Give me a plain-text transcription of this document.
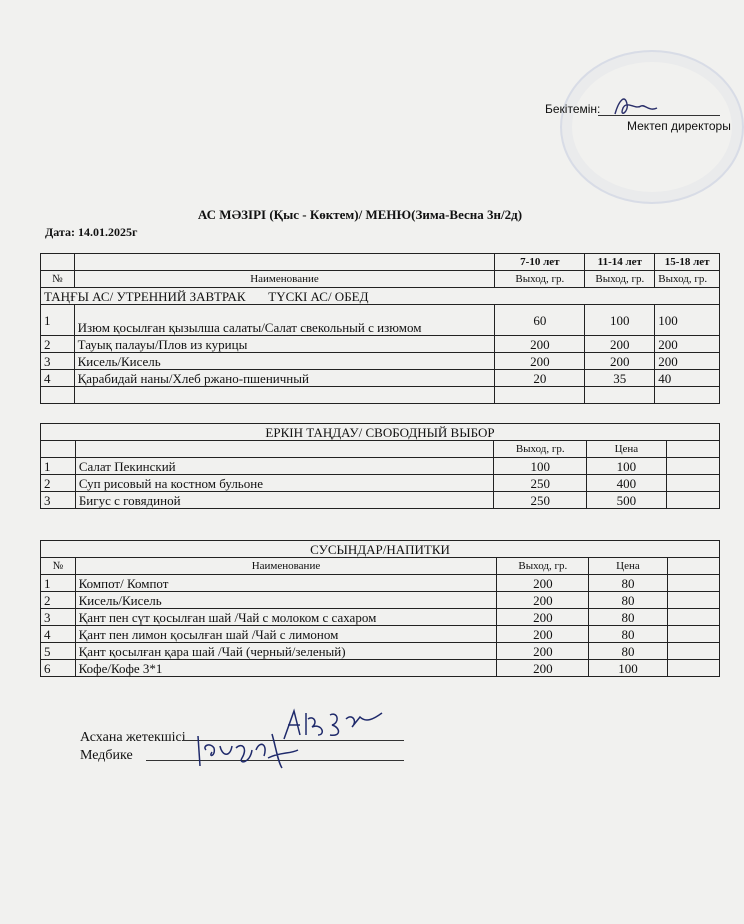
Бекітемін:
Мектеп директоры
АС МӘЗІРІ (Қыс - Көктем)/ МЕНЮ(Зима-Весна 3н/2д)
Дата: 14.01.2025г
		7-10 лет	11-14 лет	15-18 лет
№	Наименование	Выход, гр.	Выход, гр.	Выход, гр.
ТАҢҒЫ АС/ УТРЕННИЙ ЗАВТРАК       ТҮСКІ АС/ ОБЕД				
1	Изюм қосылған қызылша салаты/Салат свекольный с изюмом	60	100	100
2	Тауық палауы/Плов из курицы	200	200	200
3	Кисель/Кисель	200	200	200
4	Қарабидай наны/Хлеб ржано-пшеничный	20	35	40

ЕРКІН ТАҢДАУ/ СВОБОДНЫЙ ВЫБОР				
		Выход, гр.	Цена	
1	Салат Пекинский	100	100	
2	Суп рисовый на костном бульоне	250	400	
3	Бигус с говядиной	250	500	
СУСЫНДАР/НАПИТКИ				
№	Наименование	Выход, гр.	Цена	
1	Компот/ Компот	200	80	
2	Кисель/Кисель	200	80	
3	Қант пен сүт қосылған шай /Чай с молоком с сахаром	200	80	
4	Қант пен лимон қосылған шай /Чай с лимоном	200	80	
5	Қант қосылған қара шай /Чай (черный/зеленый)	200	80	
6	Кофе/Кофе 3*1	200	100	
Асхана жетекшісі
Медбике
